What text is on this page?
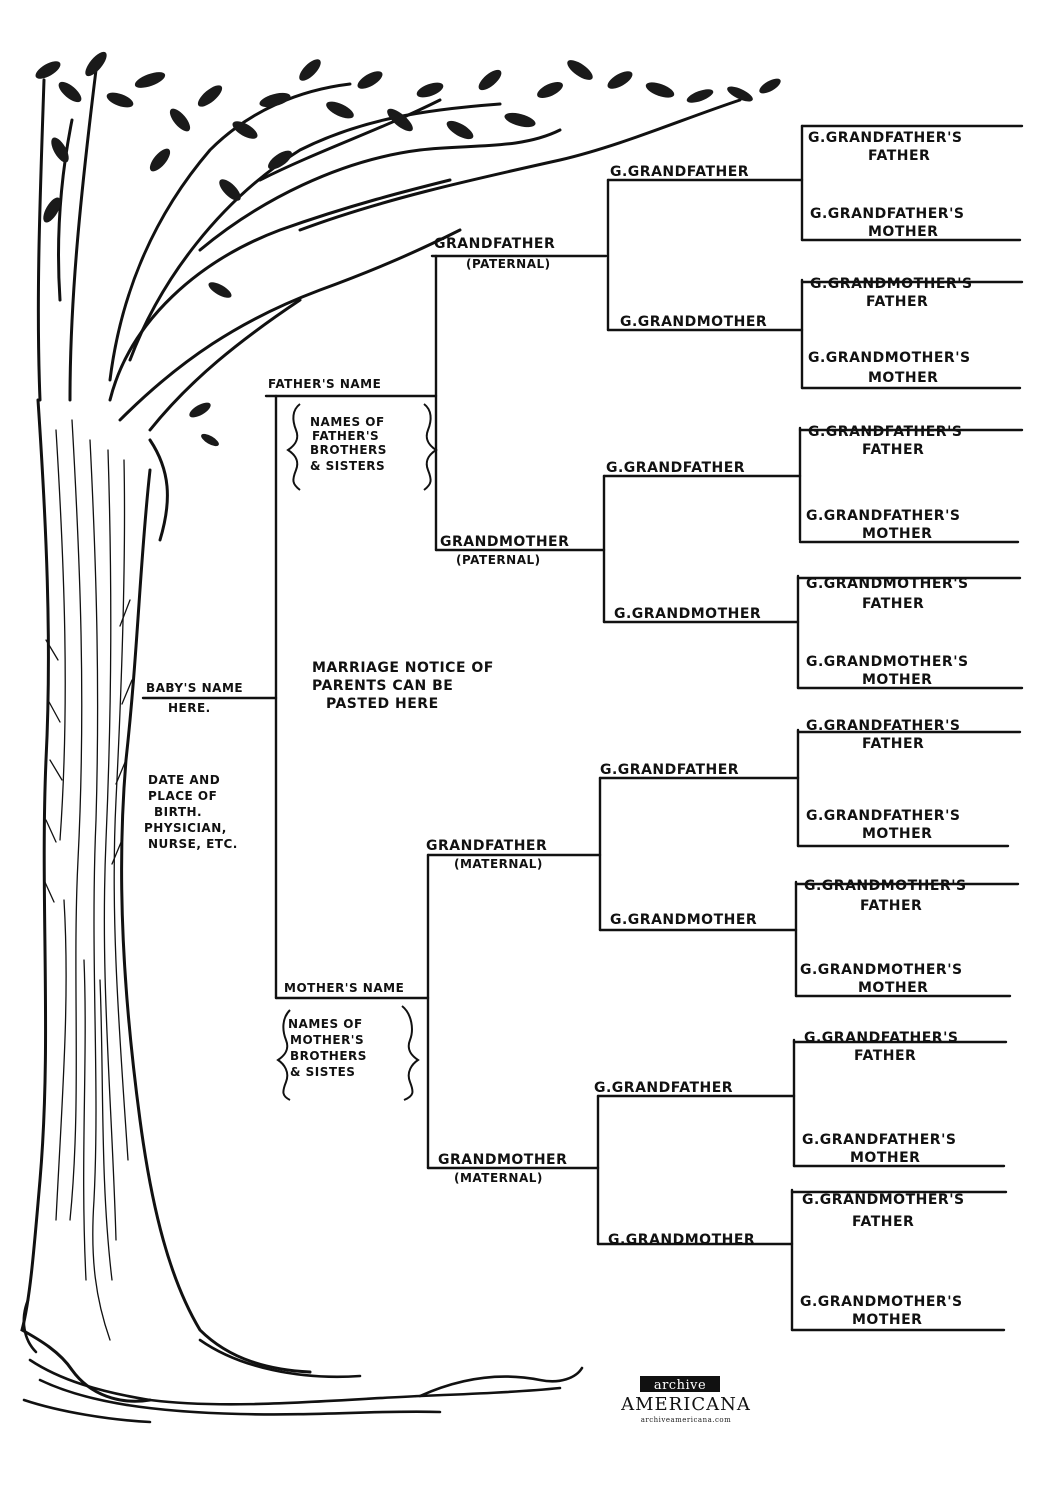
BABY'S NAME
HERE.
DATE AND
PLACE OF
BIRTH.
PHYSICIAN,
NURSE, ETC.
FATHER'S NAME
NAMES OF
FATHER'S
BROTHERS
& SISTERS
MARRIAGE NOTICE OF
PARENTS CAN BE
PASTED HERE
MOTHER'S NAME
NAMES OF
MOTHER'S
BROTHERS
& SISTES
GRANDFATHER
(PATERNAL)
GRANDMOTHER
(PATERNAL)
GRANDFATHER
(MATERNAL)
GRANDMOTHER
(MATERNAL)
G.GRANDFATHER
G.GRANDMOTHER
G.GRANDFATHER
G.GRANDMOTHER
G.GRANDFATHER
G.GRANDMOTHER
G.GRANDFATHER
G.GRANDMOTHER
G.GRANDFATHER'S
FATHER
G.GRANDFATHER'S
MOTHER
G.GRANDMOTHER'S
FATHER
G.GRANDMOTHER'S
MOTHER
G.GRANDFATHER'S
FATHER
G.GRANDFATHER'S
MOTHER
G.GRANDMOTHER'S
FATHER
G.GRANDMOTHER'S
MOTHER
G.GRANDFATHER'S
FATHER
G.GRANDFATHER'S
MOTHER
G.GRANDMOTHER'S
FATHER
G.GRANDMOTHER'S
MOTHER
G.GRANDFATHER'S
FATHER
G.GRANDFATHER'S
MOTHER
G.GRANDMOTHER'S
FATHER
G.GRANDMOTHER'S
MOTHER
archive
AMERICANA
archiveamericana.com
